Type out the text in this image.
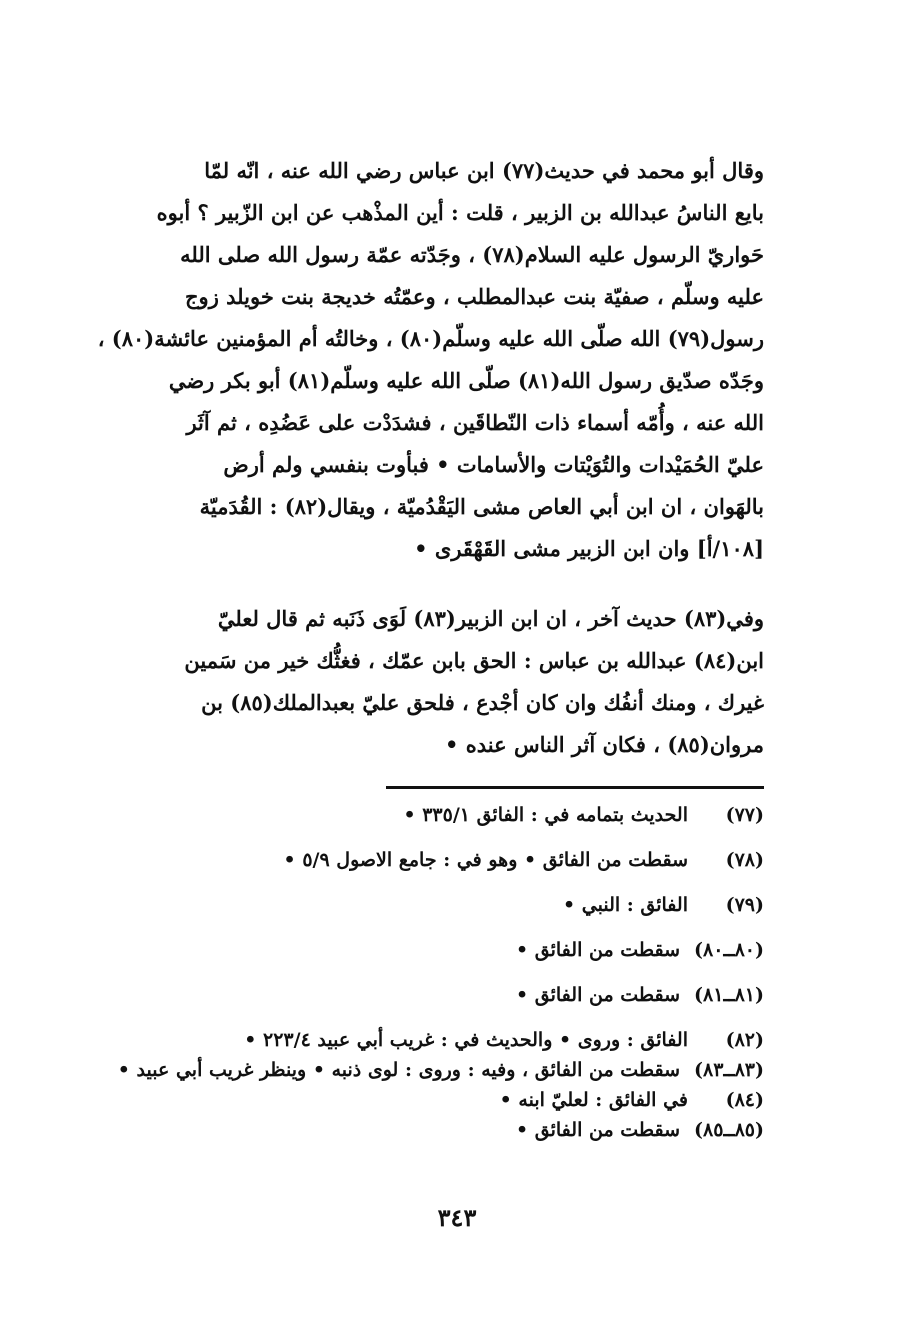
وقال أبو محمد في حديث(٧٧) ابن عباس رضي الله عنه ، انّه لمّا
بايع الناسُ عبدالله بن الزبير ، قلت : أين المذْهب عن ابن الزّبير ؟ أبوه
حَواريّ الرسول عليه السلام(٧٨) ، وجَدّته عمّة رسول الله صلى الله
عليه وسلّم ، صفيّة بنت عبدالمطلب ، وعمّتُه خديجة بنت خويلد زوج
رسول(٧٩) الله صلّى الله عليه وسلّم(٨٠) ، وخالتُه أم المؤمنين عائشة(٨٠) ،
وجَدّه صدّيق رسول الله(٨١) صلّى الله عليه وسلّم(٨١) أبو بكر رضي
الله عنه ، وأُمّه أسماء ذات النّطاقَين ، فشدَدْت على عَضُدِه ، ثم آثَر
عليّ الحُمَيْدات والتُوَيْتات والأسامات • فبأوت بنفسي ولم أرض
بالهَوان ، ان ابن أبي العاص مشى اليَقْدُميّة ، ويقال(٨٢) : القُدَميّة
[١٠٨/أ] وان ابن الزبير مشى القَهْقَرى •
وفي(٨٣) حديث آخر ، ان ابن الزبير(٨٣) لَوَى ذَنَبه ثم قال لعليّ
ابن(٨٤) عبدالله بن عباس : الحق بابن عمّك ، فغثُّك خير من سَمين
غيرك ، ومنك أنفُك وان كان أجْدع ، فلحق عليّ بعبدالملك(٨٥) بن
مروان(٨٥) ، فكان آثر الناس عنده •
(٧٧)
الحديث بتمامه في : الفائق ٣٣٥/١ •
(٧٨)
سقطت من الفائق • وهو في : جامع الاصول ٥/٩ •
(٧٩)
الفائق : النبي •
(٨٠ــ٨٠)
سقطت من الفائق •
(٨١ــ٨١)
سقطت من الفائق •
(٨٢)
الفائق : وروى • والحديث في : غريب أبي عبيد ٢٢٣/٤ •
(٨٣ــ٨٣)
سقطت من الفائق ، وفيه : وروى : لوى ذنبه • وينظر غريب أبي عبيد •
(٨٤)
في الفائق : لعليّ ابنه •
(٨٥ــ٨٥)
سقطت من الفائق •
٣٤٣
